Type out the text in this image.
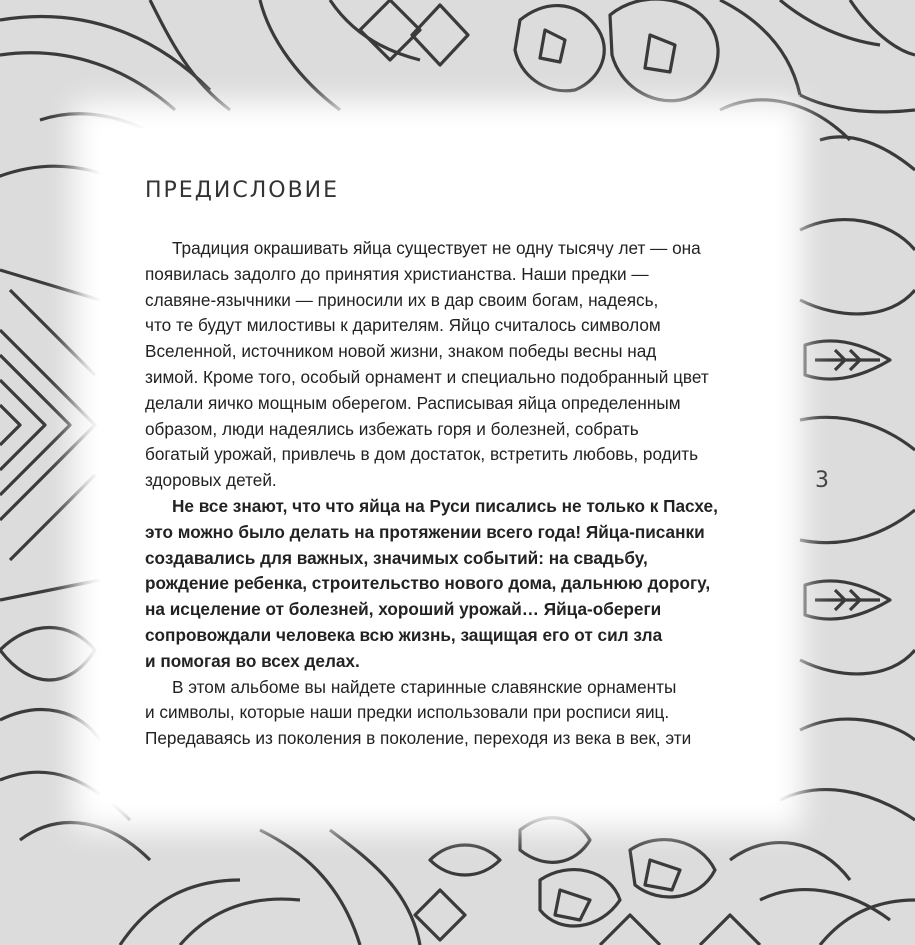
ПРЕДИСЛОВИЕ
Традиция окрашивать яйца существует не одну тысячу лет — она
появилась задолго до принятия христианства. Наши предки —
славяне-язычники — приносили их в дар своим богам, надеясь,
что те будут милостивы к дарителям. Яйцо считалось символом
Вселенной, источником новой жизни, знаком победы весны над
зимой. Кроме того, особый орнамент и специально подобранный цвет
делали яичко мощным оберегом. Расписывая яйца определенным
образом, люди надеялись избежать горя и болезней, собрать
богатый урожай, привлечь в дом достаток, встретить любовь, родить
здоровых детей.
Не все знают, что что яйца на Руси писались не только к Пасхе,
это можно было делать на протяжении всего года! Яйца-писанки
создавались для важных, значимых событий: на свадьбу,
рождение ребенка, строительство нового дома, дальнюю дорогу,
на исцеление от болезней, хороший урожай… Яйца-обереги
сопровождали человека всю жизнь, защищая его от сил зла
и помогая во всех делах.
В этом альбоме вы найдете старинные славянские орнаменты
и символы, которые наши предки использовали при росписи яиц.
Передаваясь из поколения в поколение, переходя из века в век, эти
3
